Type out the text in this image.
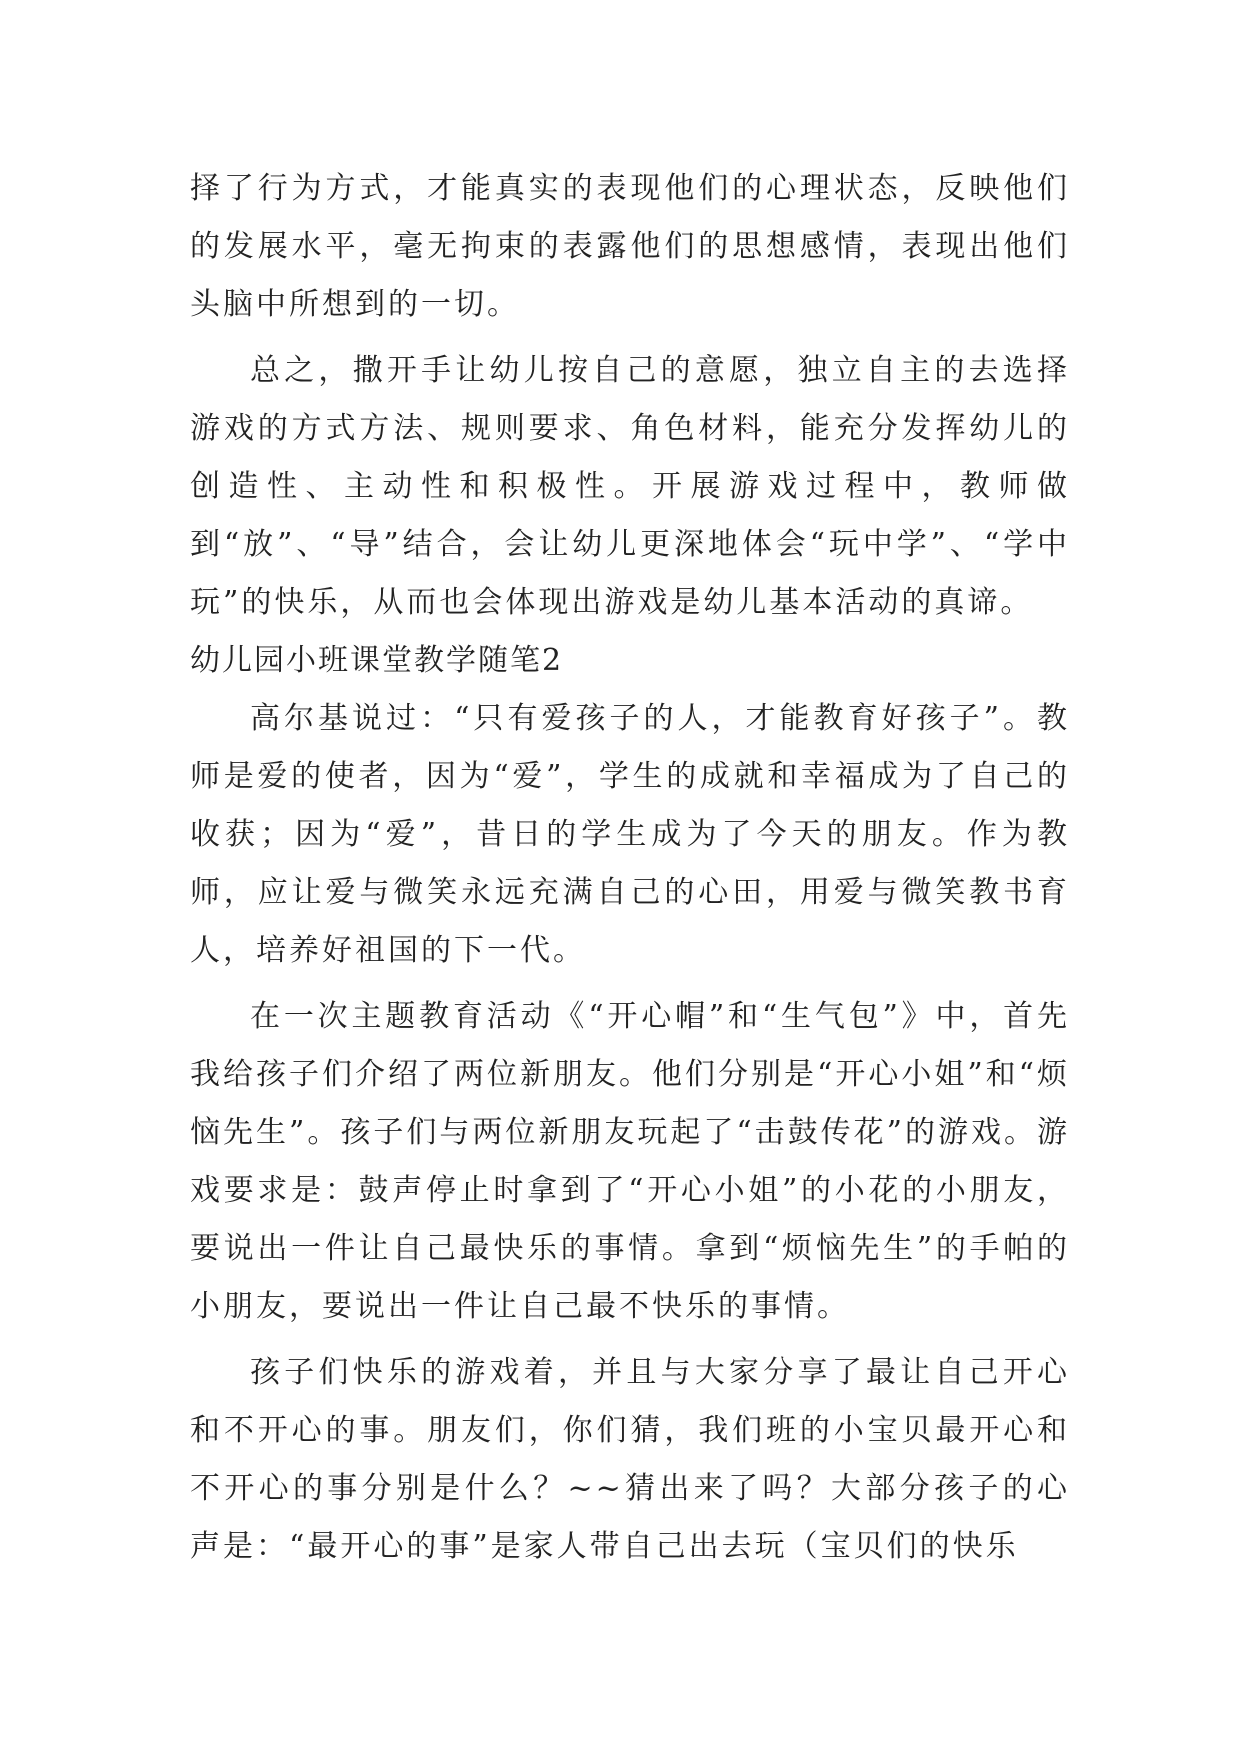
择了行为方式，才能真实的表现他们的心理状态，反映他们的发展水平，毫无拘束的表露他们的思想感情，表现出他们头脑中所想到的一切。

总之，撒开手让幼儿按自己的意愿，独立自主的去选择游戏的方式方法、规则要求、角色材料，能充分发挥幼儿的创造性、主动性和积极性。开展游戏过程中，教师做到“放”、“导”结合，会让幼儿更深地体会“玩中学”、“学中玩”的快乐，从而也会体现出游戏是幼儿基本活动的真谛。

幼儿园小班课堂教学随笔2

高尔基说过：“只有爱孩子的人，才能教育好孩子”。教师是爱的使者，因为“爱”，学生的成就和幸福成为了自己的收获；因为“爱”，昔日的学生成为了今天的朋友。作为教师，应让爱与微笑永远充满自己的心田，用爱与微笑教书育人，培养好祖国的下一代。

在一次主题教育活动《“开心帽”和“生气包”》中，首先我给孩子们介绍了两位新朋友。他们分别是“开心小姐”和“烦恼先生”。孩子们与两位新朋友玩起了“击鼓传花”的游戏。游戏要求是：鼓声停止时拿到了“开心小姐”的小花的小朋友，要说出一件让自己最快乐的事情。拿到“烦恼先生”的手帕的小朋友，要说出一件让自己最不快乐的事情。

孩子们快乐的游戏着，并且与大家分享了最让自己开心和不开心的事。朋友们，你们猜，我们班的小宝贝最开心和不开心的事分别是什么？~~猜出来了吗？大部分孩子的心声是：“最开心的事”是家人带自己出去玩（宝贝们的快乐
